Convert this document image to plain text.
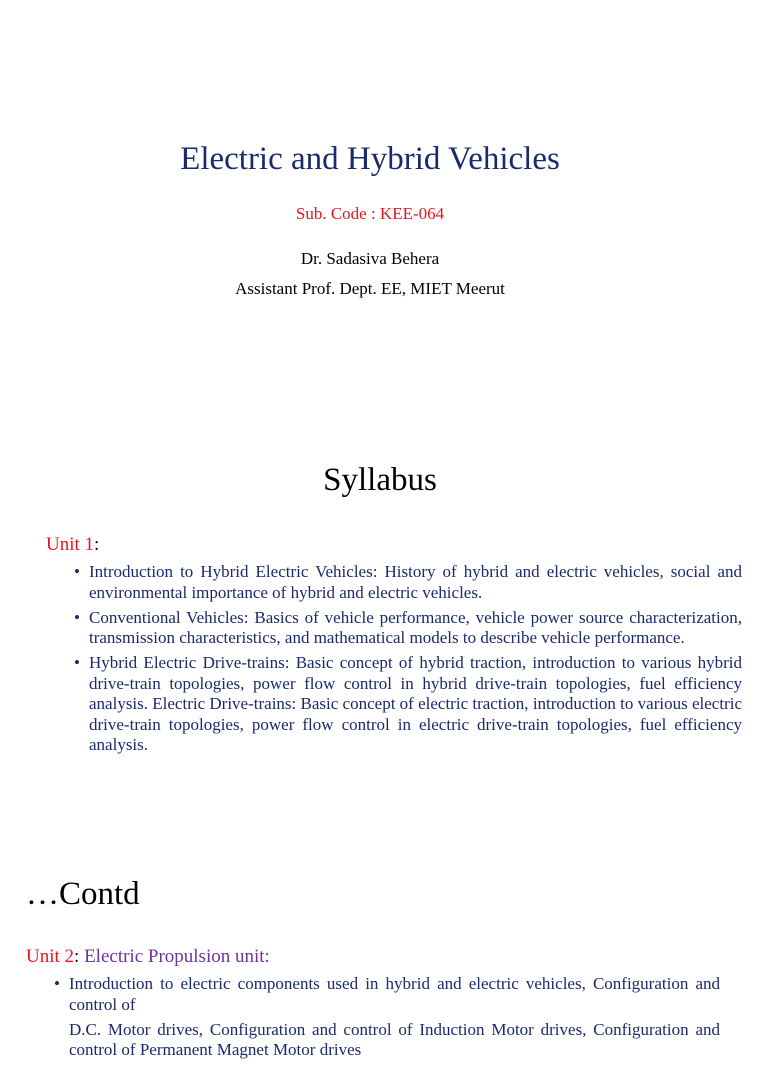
Electric and Hybrid Vehicles
Sub. Code : KEE-064
Dr. Sadasiva Behera
Assistant Prof. Dept. EE, MIET Meerut
Syllabus
Unit 1:
• Introduction to Hybrid Electric Vehicles: History of hybrid and electric vehicles, social and environmental importance of hybrid and electric vehicles.
• Conventional Vehicles: Basics of vehicle performance, vehicle power source characterization, transmission characteristics, and mathematical models to describe vehicle performance.
• Hybrid Electric Drive-trains: Basic concept of hybrid traction, introduction to various hybrid drive-train topologies, power flow control in hybrid drive-train topologies, fuel efficiency analysis. Electric Drive-trains: Basic concept of electric traction, introduction to various electric drive-train topologies, power flow control in electric drive-train topologies, fuel efficiency analysis.
…Contd
Unit 2: Electric Propulsion unit:
• Introduction to electric components used in hybrid and electric vehicles, Configuration and control of
D.C. Motor drives, Configuration and control of Induction Motor drives, Configuration and control of Permanent Magnet Motor drives
